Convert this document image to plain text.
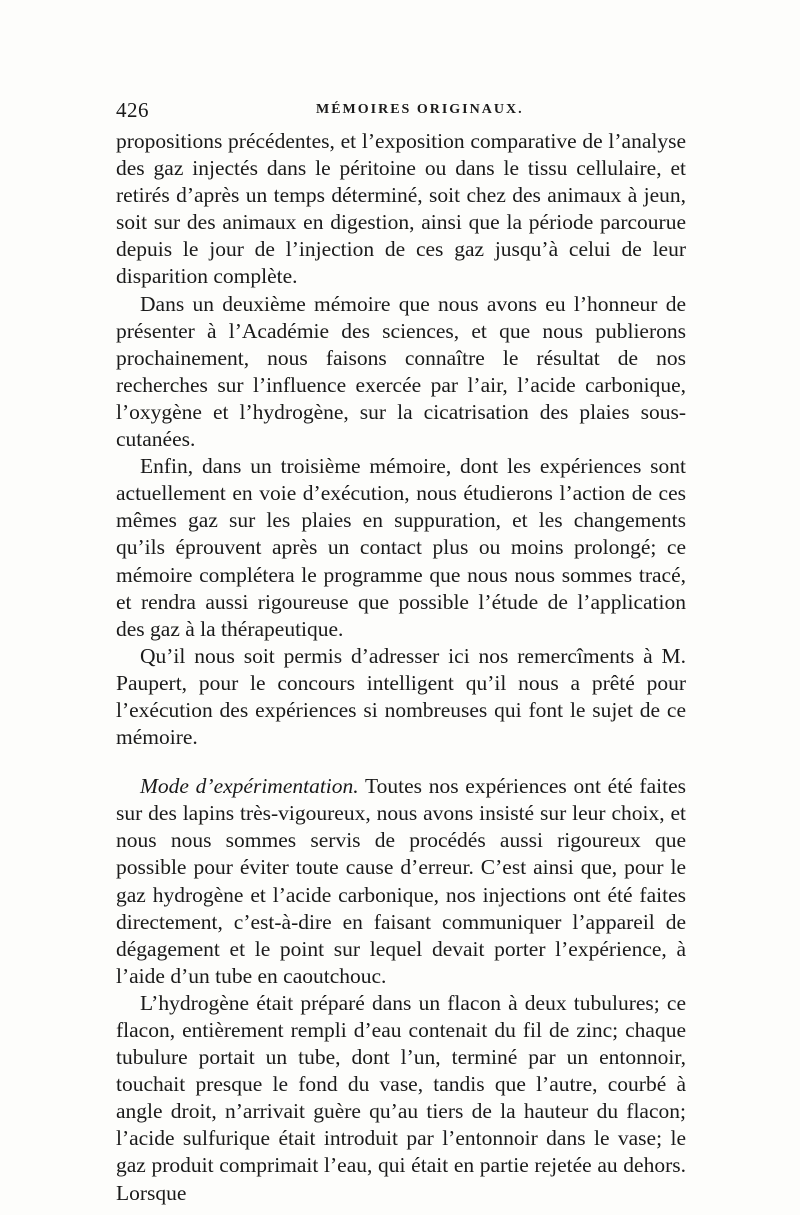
426	MÉMOIRES ORIGINAUX.

propositions précédentes, et l’exposition comparative de l’analyse des gaz injectés dans le péritoine ou dans le tissu cellulaire, et retirés d’après un temps déterminé, soit chez des animaux à jeun, soit sur des animaux en digestion, ainsi que la période parcourue depuis le jour de l’injection de ces gaz jusqu’à celui de leur disparition complète.

Dans un deuxième mémoire que nous avons eu l’honneur de présenter à l’Académie des sciences, et que nous publierons prochainement, nous faisons connaître le résultat de nos recherches sur l’influence exercée par l’air, l’acide carbonique, l’oxygène et l’hydrogène, sur la cicatrisation des plaies sous-cutanées.

Enfin, dans un troisième mémoire, dont les expériences sont actuellement en voie d’exécution, nous étudierons l’action de ces mêmes gaz sur les plaies en suppuration, et les changements qu’ils éprouvent après un contact plus ou moins prolongé; ce mémoire complétera le programme que nous nous sommes tracé, et rendra aussi rigoureuse que possible l’étude de l’application des gaz à la thérapeutique.

Qu’il nous soit permis d’adresser ici nos remercîments à M. Paupert, pour le concours intelligent qu’il nous a prêté pour l’exécution des expériences si nombreuses qui font le sujet de ce mémoire.

Mode d’expérimentation. Toutes nos expériences ont été faites sur des lapins très-vigoureux, nous avons insisté sur leur choix, et nous nous sommes servis de procédés aussi rigoureux que possible pour éviter toute cause d’erreur. C’est ainsi que, pour le gaz hydrogène et l’acide carbonique, nos injections ont été faites directement, c’est-à-dire en faisant communiquer l’appareil de dégagement et le point sur lequel devait porter l’expérience, à l’aide d’un tube en caoutchouc.

L’hydrogène était préparé dans un flacon à deux tubulures; ce flacon, entièrement rempli d’eau contenait du fil de zinc; chaque tubulure portait un tube, dont l’un, terminé par un entonnoir, touchait presque le fond du vase, tandis que l’autre, courbé à angle droit, n’arrivait guère qu’au tiers de la hauteur du flacon; l’acide sulfurique était introduit par l’entonnoir dans le vase; le gaz produit comprimait l’eau, qui était en partie rejetée au dehors. Lorsque
